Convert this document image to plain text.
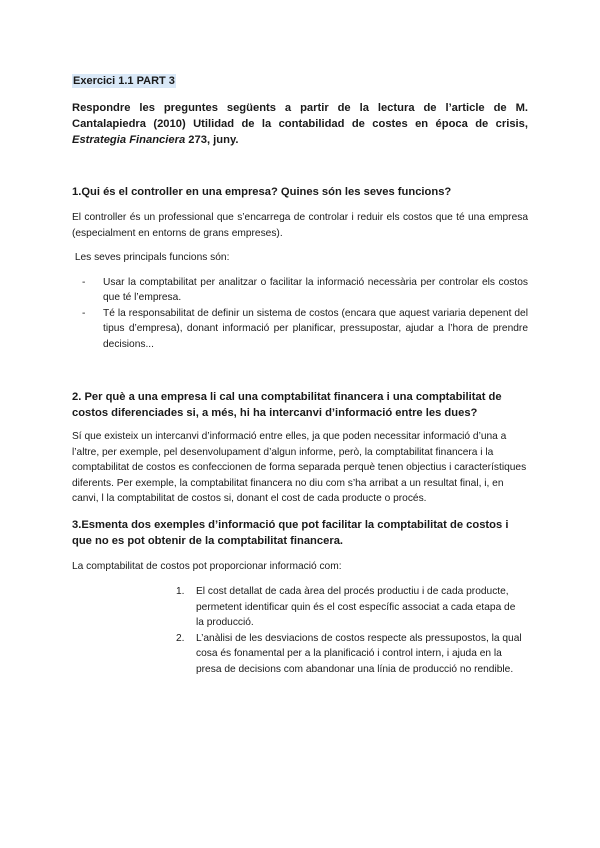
Exercici 1.1 PART 3

Respondre les preguntes següents a partir de la lectura de l’article de M. Cantalapiedra (2010) Utilidad de la contabilidad de costes en época de crisis, Estrategia Financiera 273, juny.

1.Qui és el controller en una empresa? Quines són les seves funcions?

El controller és un professional que s’encarrega de controlar i reduir els costos que té una empresa (especialment en entorns de grans empreses).

Les seves principals funcions són:

- Usar la comptabilitat per analitzar o facilitar la informació necessària per controlar els costos que té l’empresa.
- Té la responsabilitat de definir un sistema de costos (encara que aquest variaria depenent del tipus d’empresa), donant informació per planificar, pressupostar, ajudar a l’hora de prendre decisions...
2. Per què a una empresa li cal una comptabilitat financera i una comptabilitat de costos diferenciades si, a més, hi ha intercanvi d’informació entre les dues?

Sí que existeix un intercanvi d’informació entre elles, ja que poden necessitar informació d’una a l’altre, per exemple, pel desenvolupament d’algun informe, però, la comptabilitat financera i la comptabilitat de costos es confeccionen de forma separada perquè tenen objectius i característiques diferents. Per exemple, la comptabilitat financera no diu com s’ha arribat a un resultat final, i, en canvi, l la comptabilitat de costos si, donant el cost de cada producte o procés.

3.Esmenta dos exemples d’informació que pot facilitar la comptabilitat de costos i que no es pot obtenir de la comptabilitat financera.

La comptabilitat de costos pot proporcionar informació com:

1. El cost detallat de cada àrea del procés productiu i de cada producte, permetent identificar quin és el cost específic associat a cada etapa de la producció.
2. L’anàlisi de les desviacions de costos respecte als pressupostos, la qual cosa és fonamental per a la planificació i control intern, i ajuda en la presa de decisions com abandonar una línia de producció no rendible.
